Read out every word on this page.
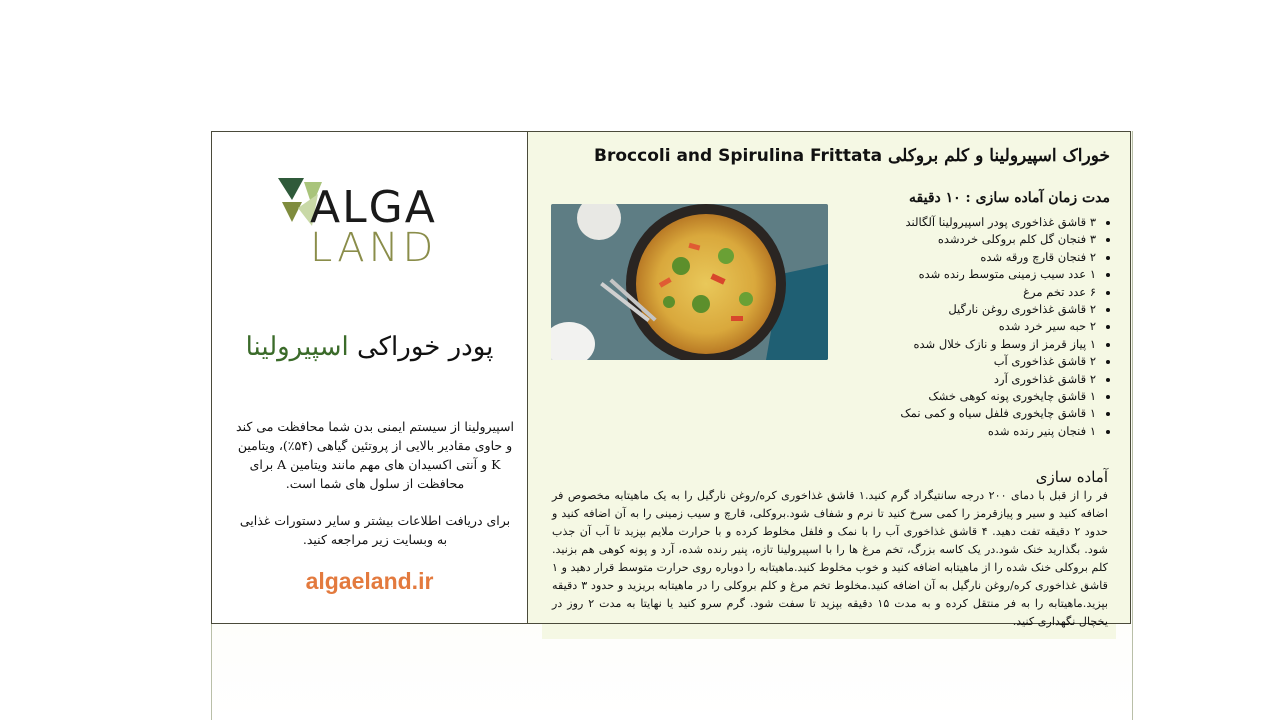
ALGA
LAND
پودر خوراکی اسپیرولینا
اسپیرولینا از سیستم ایمنی بدن شما محافظت می کند و حاوی مقادیر بالایی از پروتئین گیاهی (۵۴٪)، ویتامین K و آنتی اکسیدان های مهم مانند ویتامین A برای محافظت از سلول های شما است.
برای دریافت اطلاعات بیشتر و سایر دستورات غذایی به وبسایت زیر مراجعه کنید.
algaeland.ir
خوراک اسپیرولینا و کلم بروکلی Broccoli and Spirulina Frittata
مدت زمان آماده سازی : ۱۰ دقیقه
• ۳ قاشق غذاخوری پودر اسپیرولینا آلگالند
• ۳ فنجان گل کلم بروکلی خردشده
• ۲ فنجان قارچ ورقه شده
• ۱ عدد سیب زمینی متوسط رنده شده
• ۶ عدد تخم مرغ
• ۲ قاشق غذاخوری روغن نارگیل
• ۲ حبه سیر خرد شده
• ۱ پیاز قرمز از وسط و نازک خلال شده
• ۲ قاشق غذاخوری آب
• ۲ قاشق غذاخوری آرد
• ۱ قاشق چایخوری پونه کوهی خشک
• ۱ قاشق چایخوری فلفل سیاه و کمی نمک
• ۱ فنجان پنیر رنده شده
آماده سازی
فر را از قبل با دمای ۲۰۰ درجه سانتیگراد گرم کنید.۱ قاشق غذاخوری کره/روغن نارگیل را به یک ماهیتابه مخصوص فر اضافه کنید و سیر و پیازقرمز را کمی سرخ کنید تا نرم و شفاف شود.بروکلی، قارچ و سیب زمینی را به آن اضافه کنید و حدود ۲ دقیقه تفت دهید. ۴ قاشق غذاخوری آب را با نمک و فلفل مخلوط کرده و با حرارت ملایم بپزید تا آب آن جذب شود. بگذارید خنک شود.در یک کاسه بزرگ، تخم مرغ ها را با اسپیرولینا تازه، پنیر رنده شده، آرد و پونه کوهی هم بزنید. کلم بروکلی خنک شده را از ماهیتابه اضافه کنید و خوب مخلوط کنید.ماهیتابه را دوباره روی حرارت متوسط قرار دهید و ۱ قاشق غذاخوری کره/روغن نارگیل به آن اضافه کنید.مخلوط تخم مرغ و کلم بروکلی را در ماهیتابه بریزید و حدود ۳ دقیقه بپزید.ماهیتابه را به فر منتقل کرده و به مدت ۱۵ دقیقه بپزید تا سفت شود. گرم سرو کنید یا نهایتا به مدت ۲ روز در یخچال نگهداری کنید.
